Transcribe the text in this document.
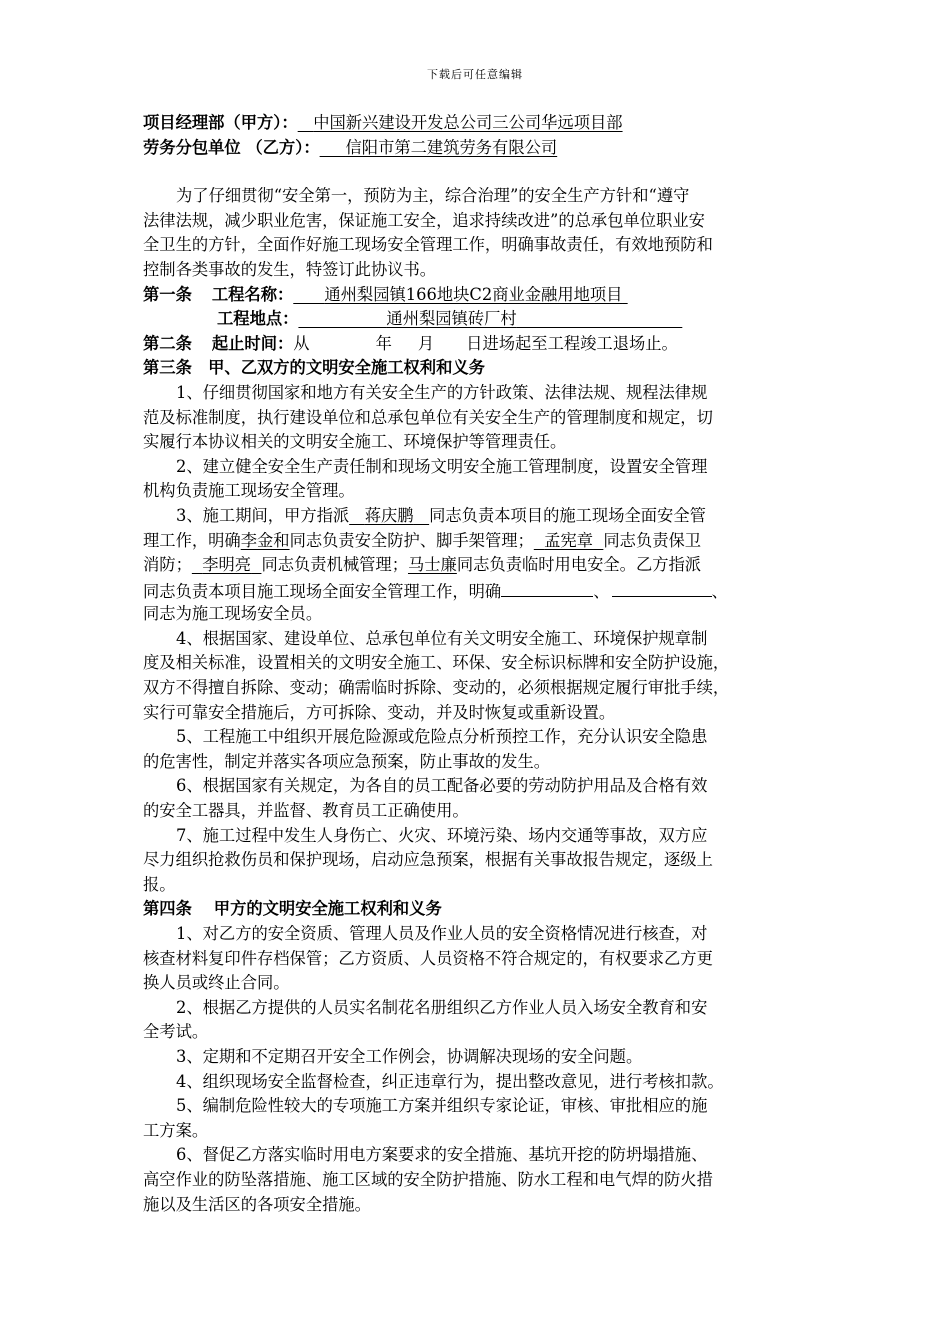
下载后可任意编辑
项目经理部（甲方）： 中国新兴建设开发总公司三公司华远项目部
劳务分包单位 （乙方）： 信阳市第二建筑劳务有限公司
为了仔细贯彻“安全第一，预防为主，综合治理”的安全生产方针和“遵守
法律法规，减少职业危害，保证施工安全，追求持续改进”的总承包单位职业安
全卫生的方针，全面作好施工现场安全管理工作，明确事故责任，有效地预防和
控制各类事故的发生，特签订此协议书。
第一条 工程名称： 通州梨园镇166地块C2商业金融用地项目
工程地点：	通州梨园镇砖厂村
第二条 起止时间：从	年 月 日进场起至工程竣工退场止。
第三条　甲、乙双方的文明安全施工权利和义务
1、仔细贯彻国家和地方有关安全生产的方针政策、法律法规、规程法律规
范及标准制度，执行建设单位和总承包单位有关安全生产的管理制度和规定，切
实履行本协议相关的文明安全施工、环境保护等管理责任。
2、建立健全安全生产责任制和现场文明安全施工管理制度，设置安全管理
机构负责施工现场安全管理。
3、施工期间，甲方指派 蒋庆鹏 同志负责本项目的施工现场全面安全管
理工作，明确李金和同志负责安全防护、脚手架管理； 孟宪章 同志负责保卫
消防； 李明亮 同志负责机械管理；马士廉同志负责临时用电安全。乙方指派
同志负责本项目施工现场全面安全管理工作，明确	、	、
同志为施工现场安全员。
4、根据国家、建设单位、总承包单位有关文明安全施工、环境保护规章制
度及相关标准，设置相关的文明安全施工、环保、安全标识标牌和安全防护设施，
双方不得擅自拆除、变动；确需临时拆除、变动的，必须根据规定履行审批手续，
实行可靠安全措施后，方可拆除、变动，并及时恢复或重新设置。
5、工程施工中组织开展危险源或危险点分析预控工作，充分认识安全隐患
的危害性，制定并落实各项应急预案，防止事故的发生。
6、根据国家有关规定，为各自的员工配备必要的劳动防护用品及合格有效
的安全工器具，并监督、教育员工正确使用。
7、施工过程中发生人身伤亡、火灾、环境污染、场内交通等事故，双方应
尽力组织抢救伤员和保护现场，启动应急预案，根据有关事故报告规定，逐级上
报。
第四条　 甲方的文明安全施工权利和义务
1、对乙方的安全资质、管理人员及作业人员的安全资格情况进行核查，对
核查材料复印件存档保管；乙方资质、人员资格不符合规定的，有权要求乙方更
换人员或终止合同。
2、根据乙方提供的人员实名制花名册组织乙方作业人员入场安全教育和安
全考试。
3、定期和不定期召开安全工作例会，协调解决现场的安全问题。
4、组织现场安全监督检查，纠正违章行为，提出整改意见，进行考核扣款。
5、编制危险性较大的专项施工方案并组织专家论证，审核、审批相应的施
工方案。
6、督促乙方落实临时用电方案要求的安全措施、基坑开挖的防坍塌措施、
高空作业的防坠落措施、施工区域的安全防护措施、防水工程和电气焊的防火措
施以及生活区的各项安全措施。
